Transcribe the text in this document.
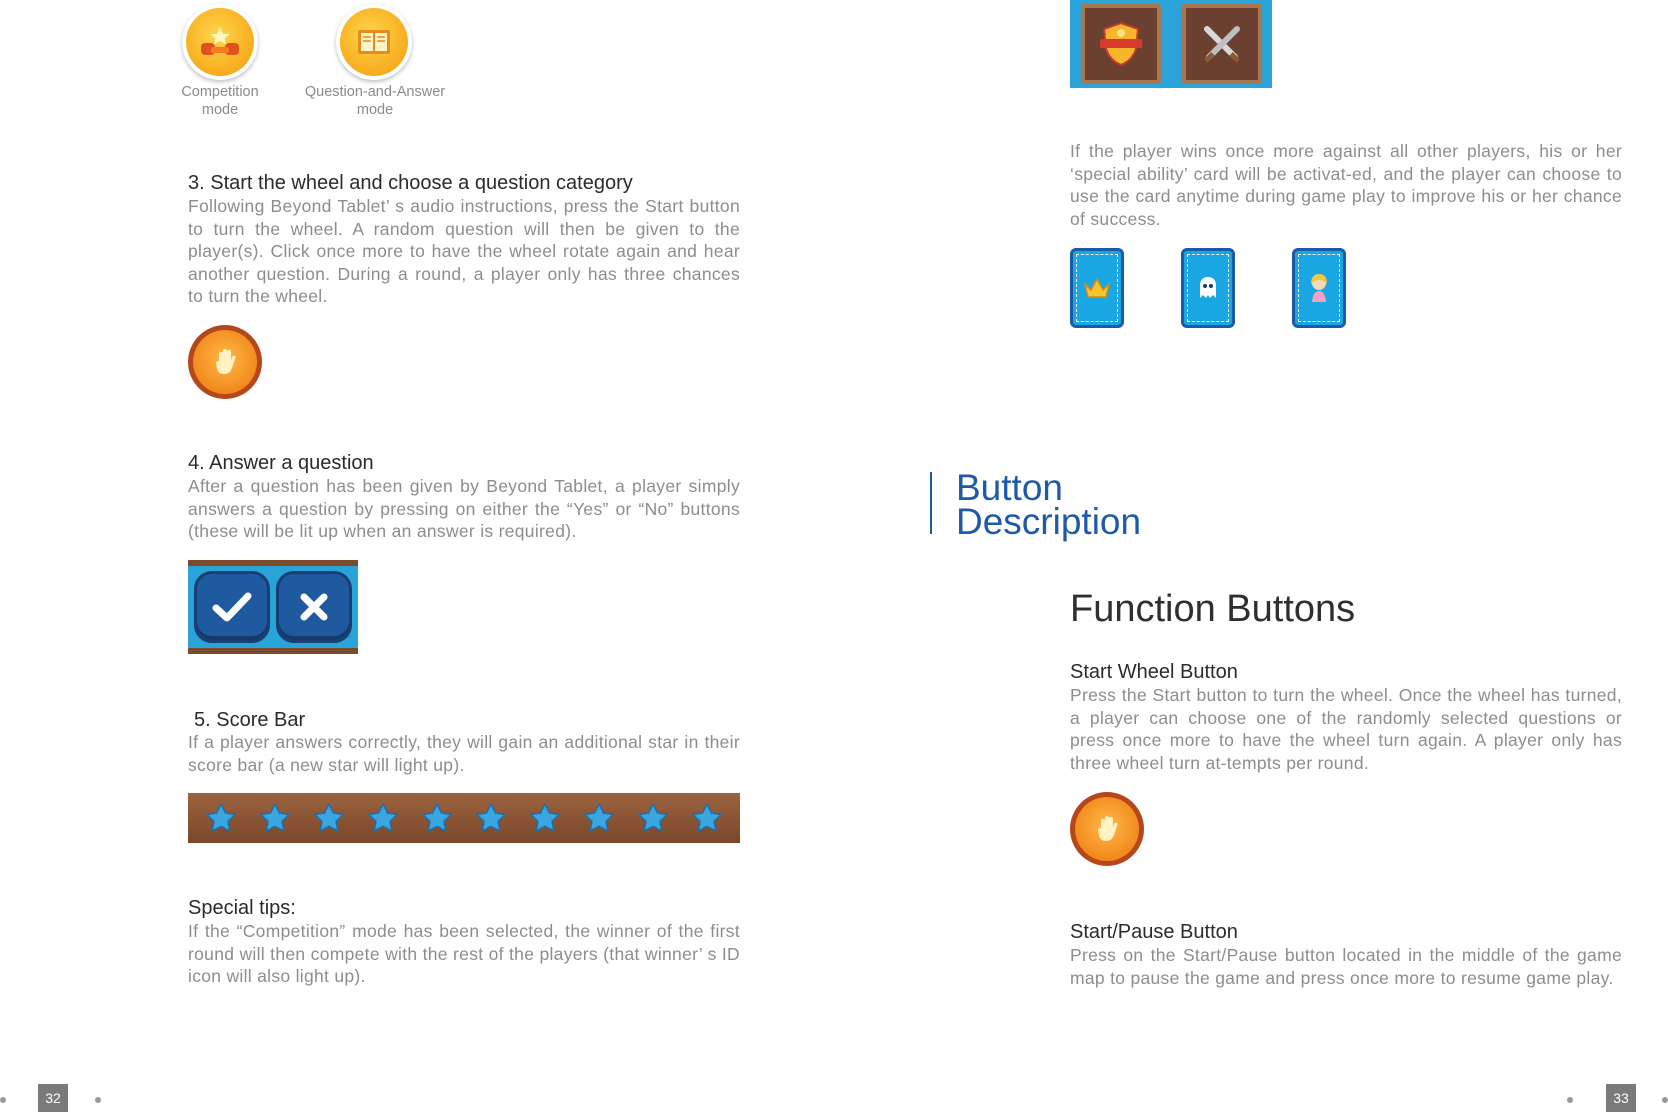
Competition
mode
Question-and-Answer
mode
3. Start the wheel and choose a question category
Following Beyond Tablet’ s audio instructions, press the Start button to turn the wheel. A random question will then be given to the player(s). Click once more to have the wheel rotate again and hear another question. During a round, a player only has three chances to turn the wheel.
4. Answer a question
After a question has been given by Beyond Tablet, a player simply answers a question by pressing on either the “Yes” or “No” buttons (these will be lit up when an answer is required).
5. Score Bar
If a player answers correctly, they will gain an additional star in their score bar (a new star will light up).
Special tips:
If the “Competition” mode has been selected, the winner of the first round will then compete with the rest of the players (that winner’ s ID icon will also light up).
32
If the player wins once more against all other players, his or her ‘special ability’ card will be activat-ed, and the player can choose to use the card anytime during game play to improve his or her chance of success.
Button
Description
Function Buttons
Start Wheel Button
Press the Start button to turn the wheel. Once the wheel has turned, a player can choose one of the randomly selected questions or press once more to have the wheel turn again. A player only has three wheel turn at-tempts per round.
Start/Pause Button
Press on the Start/Pause button located in the middle of the game map to pause the game and press once more to resume game play.
33
